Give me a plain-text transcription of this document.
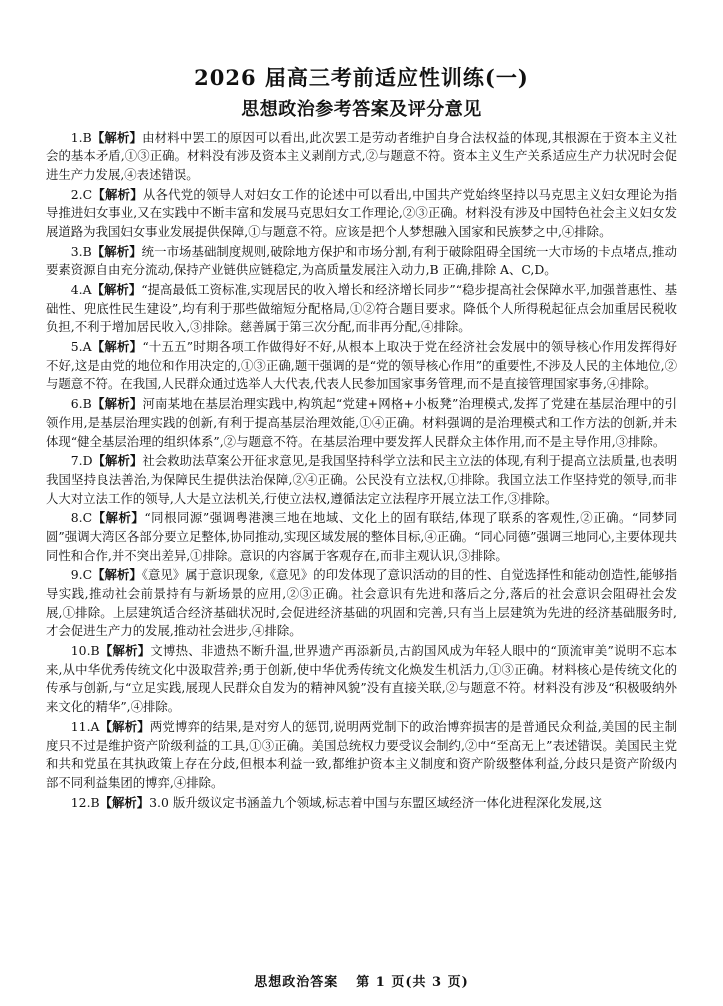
2026 届高三考前适应性训练(一)
思想政治参考答案及评分意见

1.B【解析】由材料中罢工的原因可以看出,此次罢工是劳动者维护自身合法权益的体现,其根源在于资本主义社会的基本矛盾,①③正确。材料没有涉及资本主义剥削方式,②与题意不符。资本主义生产关系适应生产力状况时会促进生产力发展,④表述错误。

2.C【解析】从各代党的领导人对妇女工作的论述中可以看出,中国共产党始终坚持以马克思主义妇女理论为指导推进妇女事业,又在实践中不断丰富和发展马克思妇女工作理论,②③正确。材料没有涉及中国特色社会主义妇女发展道路为我国妇女事业发展提供保障,①与题意不符。应该是把个人梦想融入国家和民族梦之中,④排除。

3.B【解析】统一市场基础制度规则,破除地方保护和市场分割,有利于破除阻碍全国统一大市场的卡点堵点,推动要素资源自由充分流动,保持产业链供应链稳定,为高质量发展注入动力,B 正确,排除 A、C,D。

4.A【解析】“提高最低工资标准,实现居民的收入增长和经济增长同步”“稳步提高社会保障水平,加强普惠性、基础性、兜底性民生建设”,均有利于那些做缩短分配格局,①②符合题目要求。降低个人所得税起征点会加重居民税收负担,不利于增加居民收入,③排除。慈善属于第三次分配,而非再分配,④排除。

5.A【解析】“十五五”时期各项工作做得好不好,从根本上取决于党在经济社会发展中的领导核心作用发挥得好不好,这是由党的地位和作用决定的,①③正确,题干强调的是“党的领导核心作用”的重要性,不涉及人民的主体地位,②与题意不符。在我国,人民群众通过选举人大代表,代表人民参加国家事务管理,而不是直接管理国家事务,④排除。

6.B【解析】河南某地在基层治理实践中,构筑起“党建+网格+小板凳”治理模式,发挥了党建在基层治理中的引领作用,是基层治理实践的创新,有利于提高基层治理效能,①④正确。材料强调的是治理模式和工作方法的创新,并未体现“健全基层治理的组织体系”,②与题意不符。在基层治理中要发挥人民群众主体作用,而不是主导作用,③排除。

7.D【解析】社会救助法草案公开征求意见,是我国坚持科学立法和民主立法的体现,有利于提高立法质量,也表明我国坚持良法善治,为保障民生提供法治保障,②④正确。公民没有立法权,①排除。我国立法工作坚持党的领导,而非人大对立法工作的领导,人大是立法机关,行使立法权,遵循法定立法程序开展立法工作,③排除。

8.C【解析】“同根同源”强调粤港澳三地在地域、文化上的固有联结,体现了联系的客观性,②正确。“同梦同圆”强调大湾区各部分要立足整体,协同推动,实现区域发展的整体目标,④正确。“同心同德”强调三地同心,主要体现共同性和合作,并不突出差异,①排除。意识的内容属于客观存在,而非主观认识,③排除。

9.C【解析】《意见》属于意识现象,《意见》的印发体现了意识活动的目的性、自觉选择性和能动创造性,能够指导实践,推动社会前景持有与新场景的应用,②③正确。社会意识有先进和落后之分,落后的社会意识会阻碍社会发展,①排除。上层建筑适合经济基础状况时,会促进经济基础的巩固和完善,只有当上层建筑为先进的经济基础服务时,才会促进生产力的发展,推动社会进步,④排除。

10.B【解析】文博热、非遗热不断升温,世界遗产再添新员,古韵国风成为年轻人眼中的“顶流审美”说明不忘本来,从中华优秀传统文化中汲取营养;勇于创新,使中华优秀传统文化焕发生机活力,①③正确。材料核心是传统文化的传承与创新,与“立足实践,展现人民群众自发为的精神风貌”没有直接关联,②与题意不符。材料没有涉及“积极吸纳外来文化的精华”,④排除。

11.A【解析】两党博弈的结果,是对穷人的惩罚,说明两党制下的政治博弈损害的是普通民众利益,美国的民主制度只不过是维护资产阶级利益的工具,①③正确。美国总统权力要受议会制约,②中“至高无上”表述错误。美国民主党和共和党虽在其执政策上存在分歧,但根本利益一致,都维护资本主义制度和资产阶级整体利益,分歧只是资产阶级内部不同利益集团的博弈,④排除。

12.B【解析】3.0 版升级议定书涵盖九个领域,标志着中国与东盟区域经济一体化进程深化发展,这

思想政治答案 第 1 页(共 3 页)
